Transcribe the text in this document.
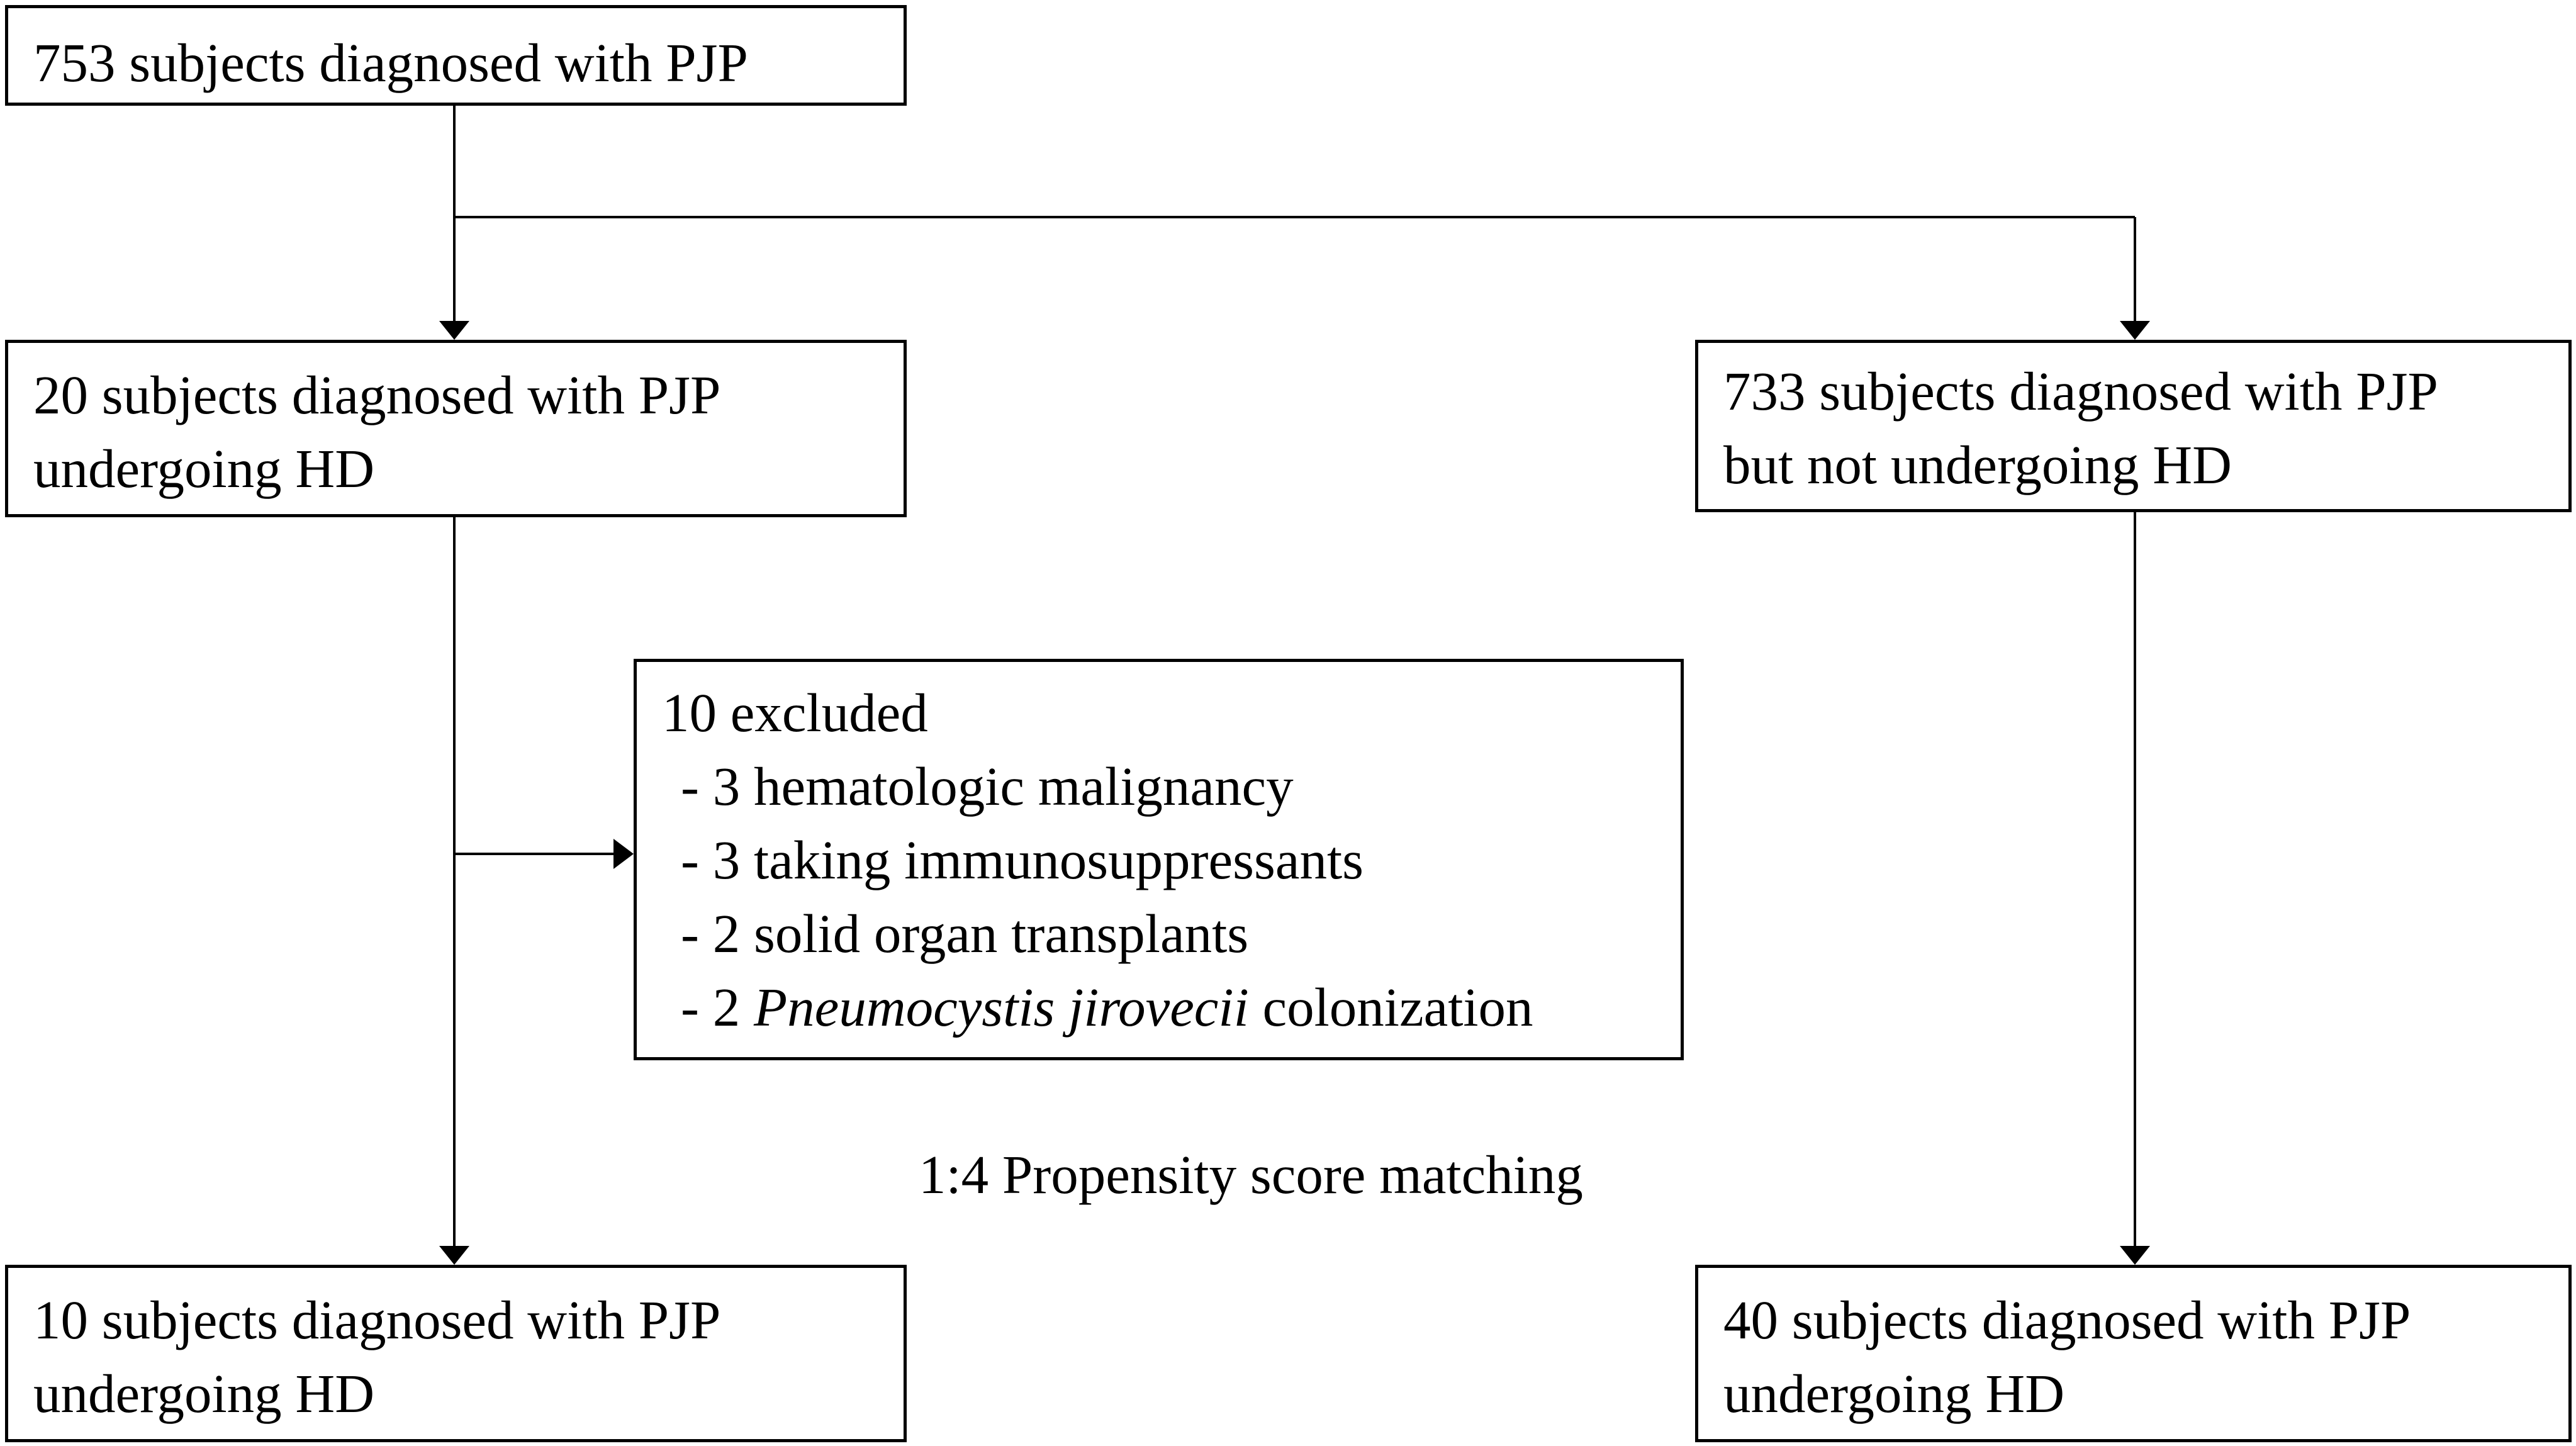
753 subjects diagnosed with PJP
20 subjects diagnosed with PJP
undergoing HD
733 subjects diagnosed with PJP
but not undergoing HD
10 excluded
- 3 hematologic malignancy
- 3 taking immunosuppressants
- 2 solid organ transplants
- 2 Pneumocystis jirovecii colonization
1:4 Propensity score matching
10 subjects diagnosed with PJP
undergoing HD
40 subjects diagnosed with PJP
undergoing HD
